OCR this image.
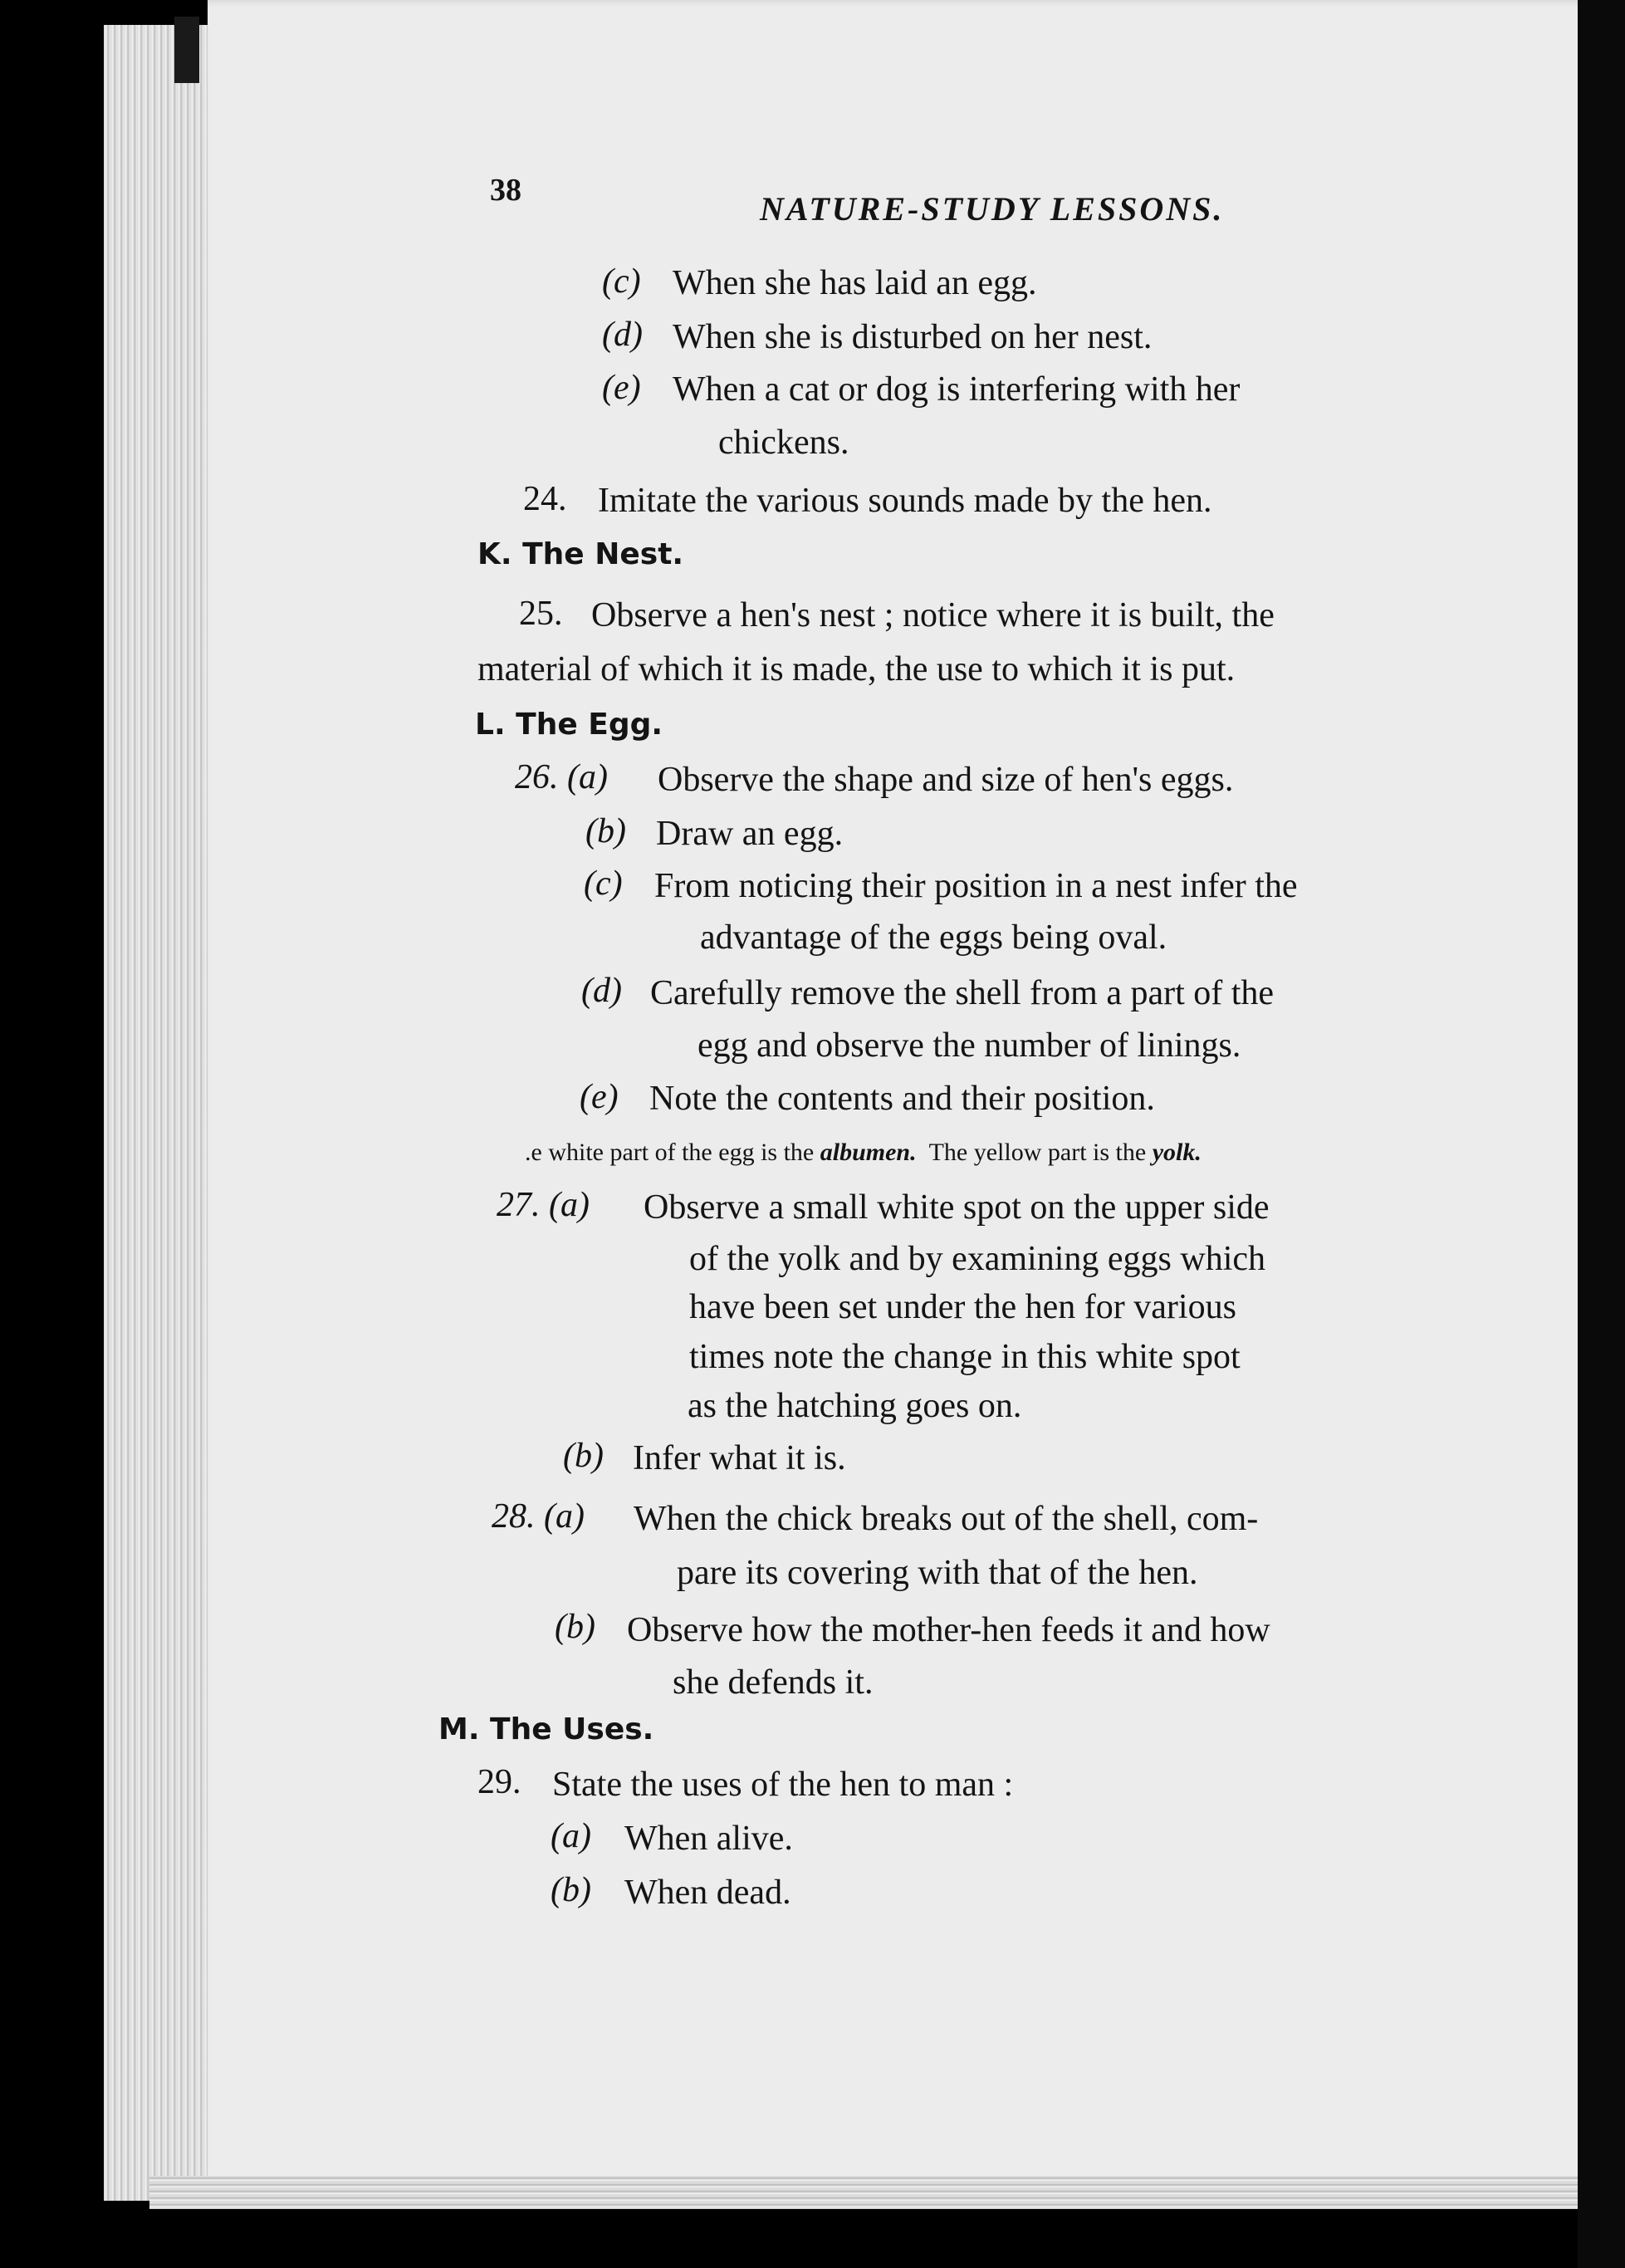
38	NATURE-STUDY LESSONS.
(c) When she has laid an egg.
(d) When she is disturbed on her nest.
(e) When a cat or dog is interfering with her
chickens.
24. Imitate the various sounds made by the hen.
K. The Nest.
25. Observe a hen's nest ; notice where it is built, the
material of which it is made, the use to which it is put.
L. The Egg.
26. (a) Observe the shape and size of hen's eggs.
(b) Draw an egg.
(c) From noticing their position in a nest infer the
advantage of the eggs being oval.
(d) Carefully remove the shell from a part of the
egg and observe the number of linings.
(e) Note the contents and their position.
.e white part of the egg is the albumen. The yellow part is the yolk.
27. (a) Observe a small white spot on the upper side
of the yolk and by examining eggs which
have been set under the hen for various
times note the change in this white spot
as the hatching goes on.
(b) Infer what it is.
28. (a) When the chick breaks out of the shell, com-
pare its covering with that of the hen.
(b) Observe how the mother-hen feeds it and how
she defends it.
M. The Uses.
29. State the uses of the hen to man :
(a) When alive.
(b) When dead.
